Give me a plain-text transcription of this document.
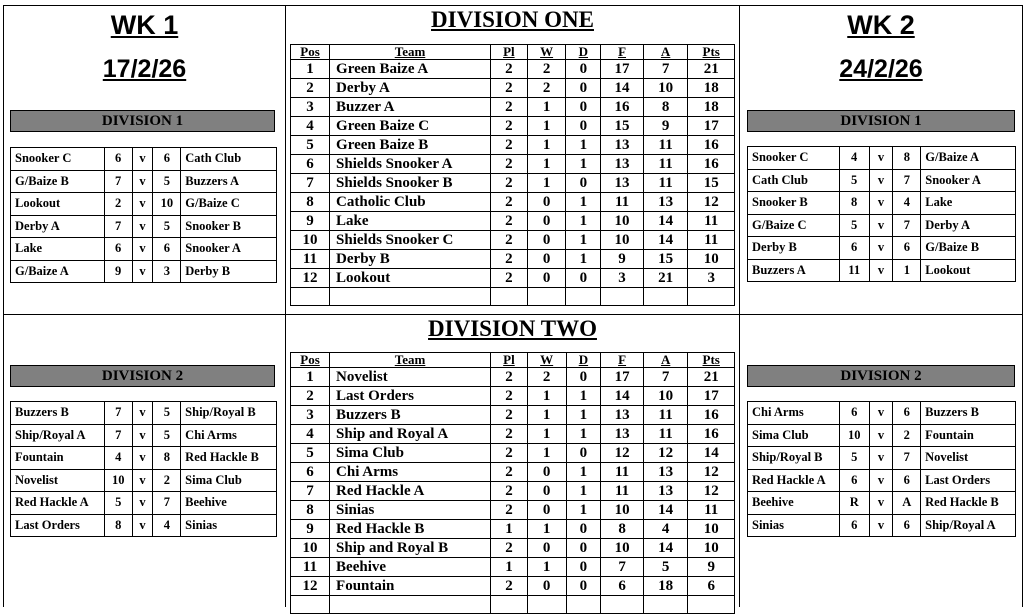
WK 1
17/2/26
DIVISION 1
Snooker C	6	v	6	Cath Club
G/Baize B	7	v	5	Buzzers A
Lookout	2	v	10	G/Baize C
Derby A	7	v	5	Snooker B
Lake	6	v	6	Snooker A
G/Baize A	9	v	3	Derby B
DIVISION 2
Buzzers B	7	v	5	Ship/Royal B
Ship/Royal A	7	v	5	Chi Arms
Fountain	4	v	8	Red Hackle B
Novelist	10	v	2	Sima Club
Red Hackle A	5	v	7	Beehive
Last Orders	8	v	4	Sinias
WK 2
24/2/26
DIVISION 1
Snooker C	4	v	8	G/Baize A
Cath Club	5	v	7	Snooker A
Snooker B	8	v	4	Lake
G/Baize C	5	v	7	Derby A
Derby B	6	v	6	G/Baize B
Buzzers A	11	v	1	Lookout
DIVISION 2
Chi Arms	6	v	6	Buzzers B
Sima Club	10	v	2	Fountain
Ship/Royal B	5	v	7	Novelist
Red Hackle A	6	v	6	Last Orders
Beehive	R	v	A	Red Hackle B
Sinias	6	v	6	Ship/Royal A
DIVISION ONE
Pos	Team	Pl	W	D	F	A	Pts
1	Green Baize A	2	2	0	17	7	21
2	Derby A	2	2	0	14	10	18
3	Buzzer A	2	1	0	16	8	18
4	Green Baize C	2	1	0	15	9	17
5	Green Baize B	2	1	1	13	11	16
6	Shields Snooker A	2	1	1	13	11	16
7	Shields Snooker B	2	1	0	13	11	15
8	Catholic Club	2	0	1	11	13	12
9	Lake	2	0	1	10	14	11
10	Shields Snooker C	2	0	1	10	14	11
11	Derby B	2	0	1	9	15	10
12	Lookout	2	0	0	3	21	3

DIVISION TWO
Pos	Team	Pl	W	D	F	A	Pts
1	Novelist	2	2	0	17	7	21
2	Last Orders	2	1	1	14	10	17
3	Buzzers B	2	1	1	13	11	16
4	Ship and Royal A	2	1	1	13	11	16
5	Sima Club	2	1	0	12	12	14
6	Chi Arms	2	0	1	11	13	12
7	Red Hackle A	2	0	1	11	13	12
8	Sinias	2	0	1	10	14	11
9	Red Hackle B	1	1	0	8	4	10
10	Ship and Royal B	2	0	0	10	14	10
11	Beehive	1	1	0	7	5	9
12	Fountain	2	0	0	6	18	6
